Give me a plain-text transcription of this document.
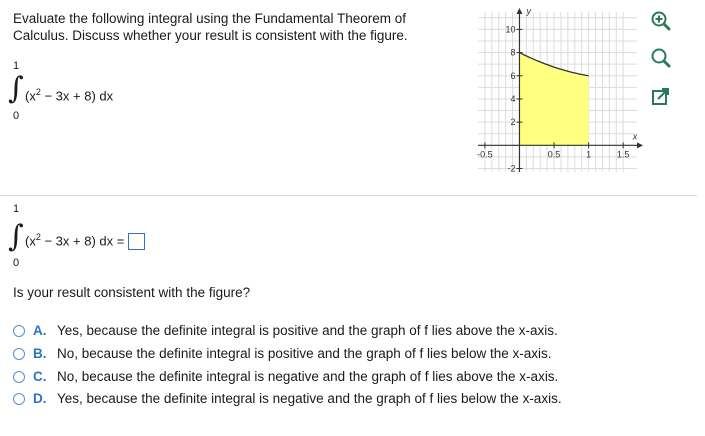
Evaluate the following integral using the Fundamental Theorem of Calculus. Discuss whether your result is consistent with the figure.
1
∫ $(x^2 - 3x + 8)$ dx
0
-0.5	0.5	1	1.5
-2
2
4
6
8
10
x
y
1
∫ $(x^2 - 3x + 8)$ dx =
0
Is your result consistent with the figure?
A. Yes, because the definite integral is positive and the graph of f lies above the x-axis.
B. No, because the definite integral is positive and the graph of f lies below the x-axis.
C. No, because the definite integral is negative and the graph of f lies above the x-axis.
D. Yes, because the definite integral is negative and the graph of f lies below the x-axis.
